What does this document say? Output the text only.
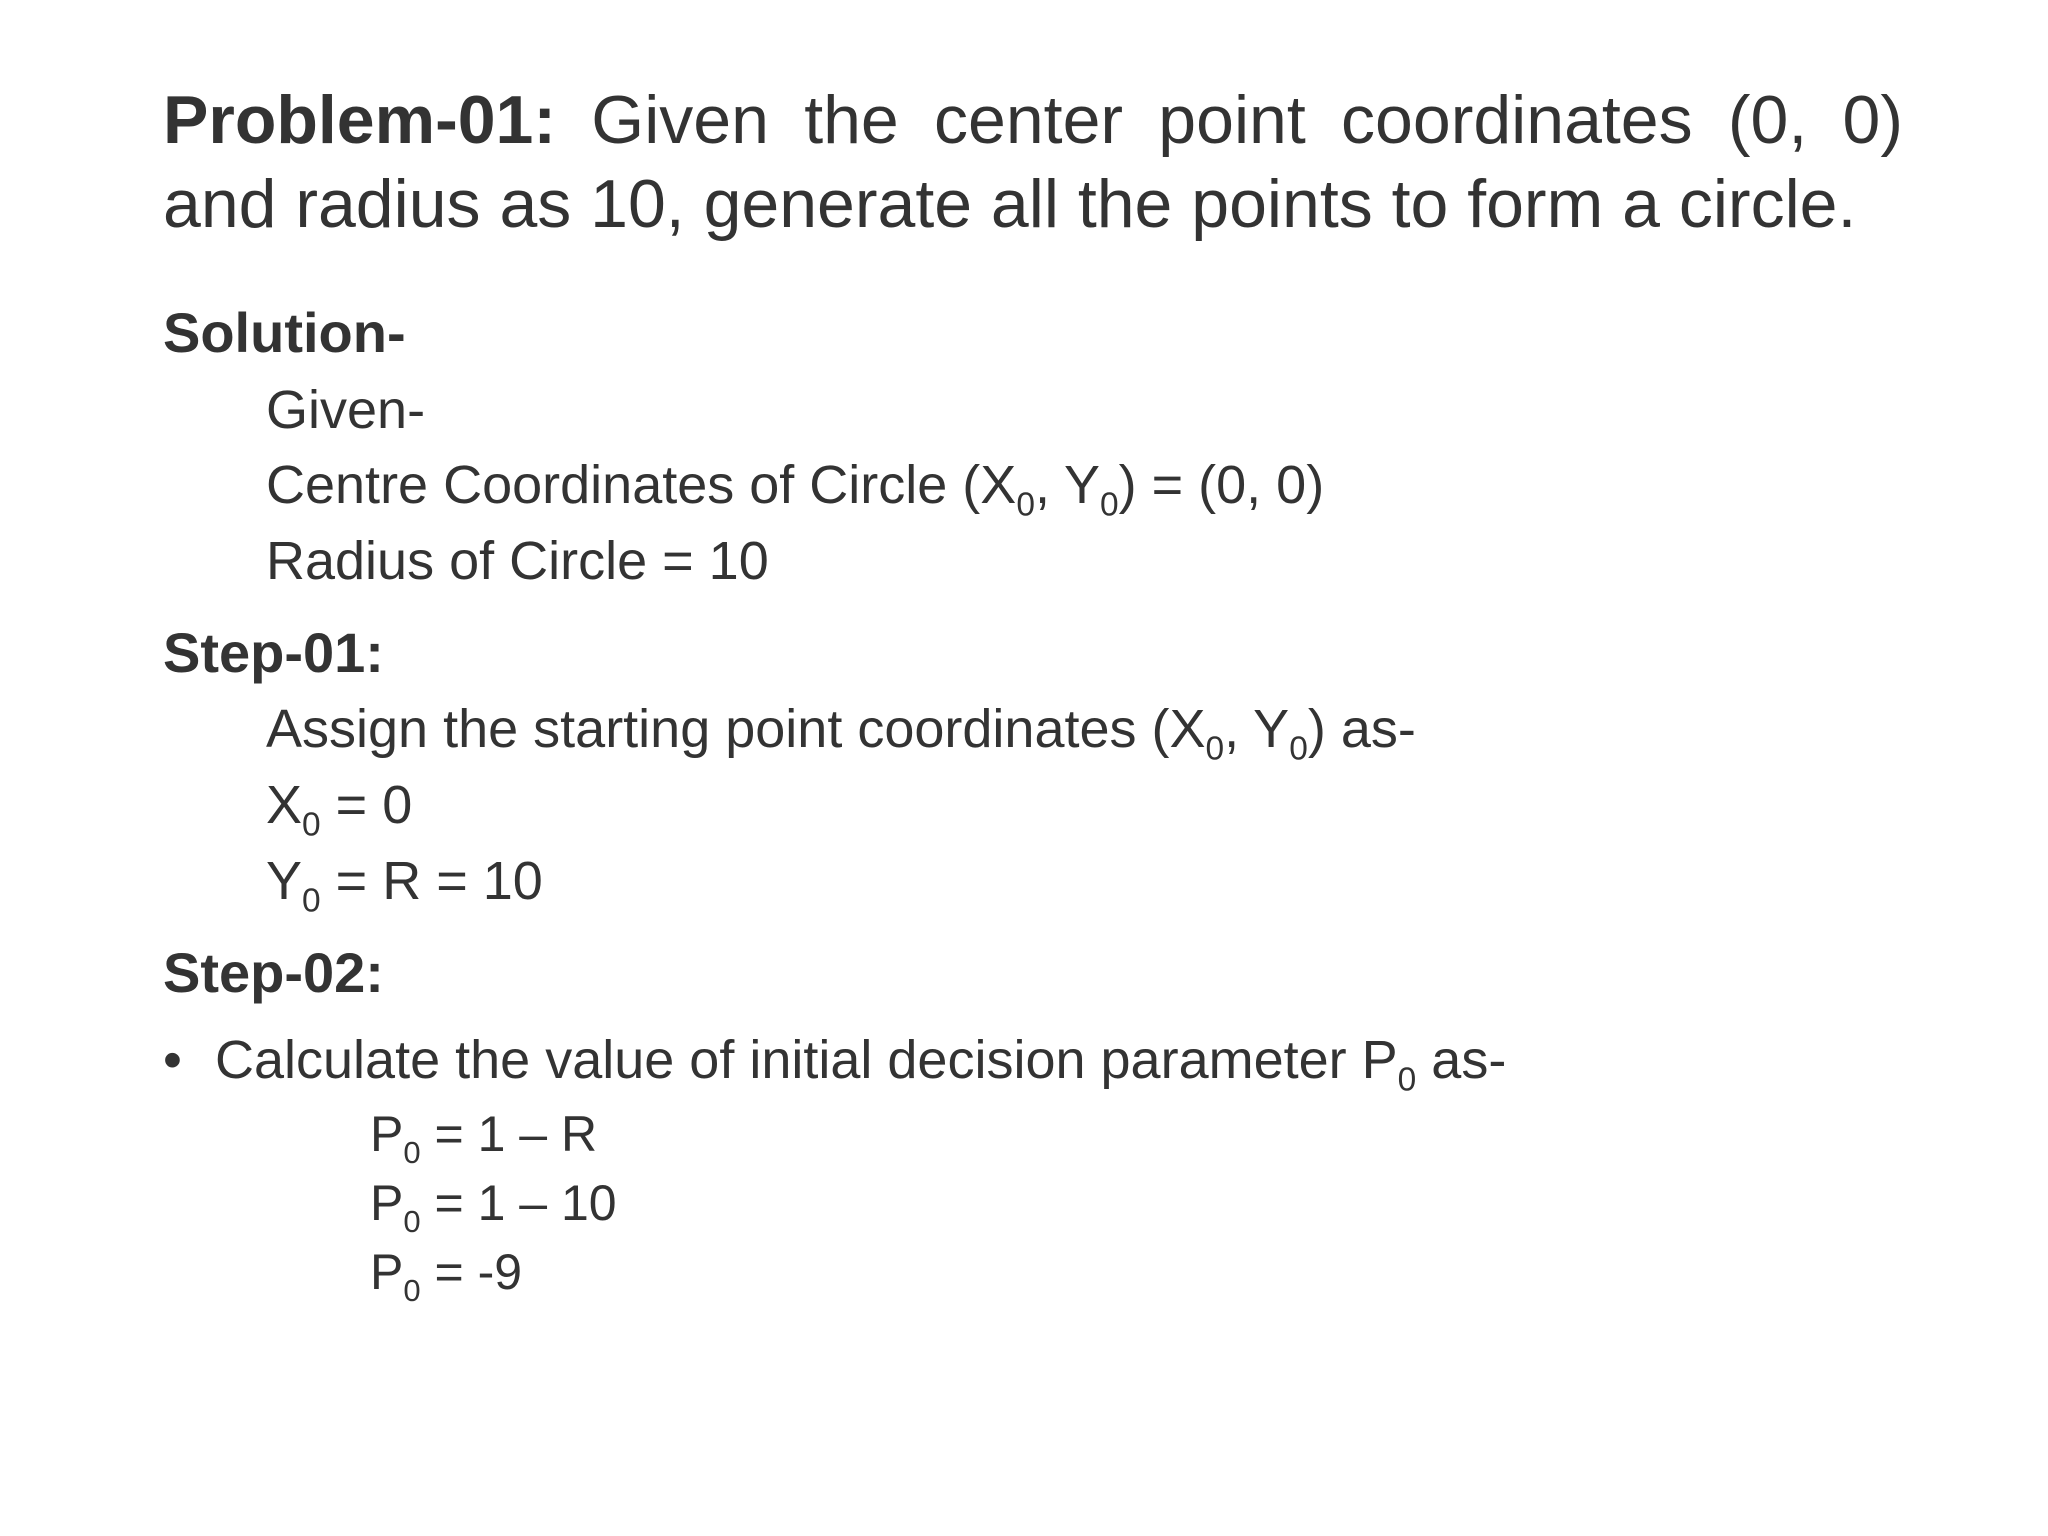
Problem-01: Given the center point coordinates (0, 0) and radius as 10, generate all the points to form a circle.
Solution-
Given-
Centre Coordinates of Circle ($X_0$, $Y_0) = (0$, 0)
Radius of Circle = 10
Step-01:
Assign the starting point coordinates ($X_0$, $Y_0$) as-
$X_0 = 0$
$Y_0 = R = 10$
Step-02:
• Calculate the value of initial decision parameter $P_0$ as-
$P_0 = 1 - R$
$P_0 = 1 - 10$
$P_0 = -9$
